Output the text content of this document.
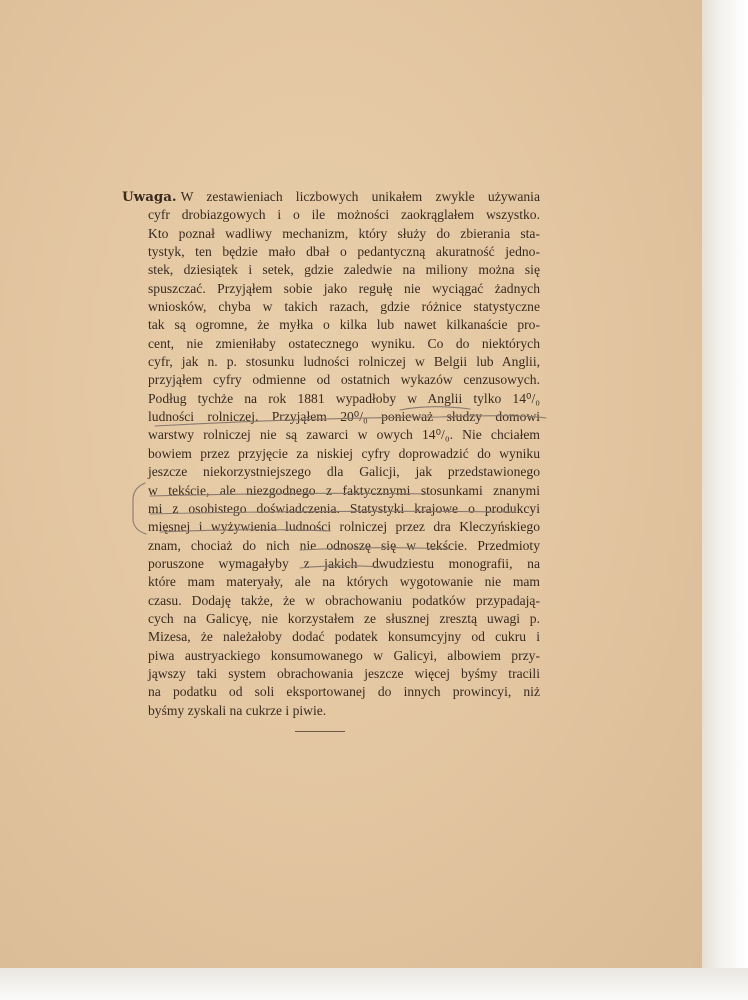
Uwaga. W zestawieniach liczbowych unikałem zwykle używania
cyfr drobiazgowych i o ile możności zaokrąglałem wszystko.
Kto poznał wadliwy mechanizm, który służy do zbierania sta-
tystyk, ten będzie mało dbał o pedantyczną akuratność jedno-
stek, dziesiątek i setek, gdzie zaledwie na miliony można się
spuszczać. Przyjąłem sobie jako regułę nie wyciągać żadnych
wniosków, chyba w takich razach, gdzie różnice statystyczne
tak są ogromne, że myłka o kilka lub nawet kilkanaście pro-
cent, nie zmieniłaby ostatecznego wyniku. Co do niektórych
cyfr, jak n. p. stosunku ludności rolniczej w Belgii lub Anglii,
przyjąłem cyfry odmienne od ostatnich wykazów cenzusowych.
Podług tychże na rok 1881 wypadłoby w Anglii tylko 14⁰/₀
ludności rolniczej. Przyjąłem 20⁰/₀ ponieważ słudzy domowi
warstwy rolniczej nie są zawarci w owych 14⁰/₀. Nie chciałem
bowiem przez przyjęcie za niskiej cyfry doprowadzić do wyniku
jeszcze niekorzystniejszego dla Galicji, jak przedstawionego
w tekście, ale niezgodnego z faktycznymi stosunkami znanymi
mi z osobistego doświadczenia. Statystyki krajowe o produkcyi
mięsnej i wyżywienia ludności rolniczej przez dra Kleczyńskiego
znam, chociaż do nich nie odnoszę się w tekście. Przedmioty
poruszone wymagałyby z jakich dwudziestu monografii, na
które mam materyały, ale na których wygotowanie nie mam
czasu. Dodaję także, że w obrachowaniu podatków przypadają-
cych na Galicyę, nie korzystałem ze słusznej zresztą uwagi p.
Mizesa, że należałoby dodać podatek konsumcyjny od cukru i
piwa austryackiego konsumowanego w Galicyi, albowiem przy-
jąwszy taki system obrachowania jeszcze więcej byśmy tracili
na podatku od soli eksportowanej do innych prowincyi, niż
byśmy zyskali na cukrze i piwie.
